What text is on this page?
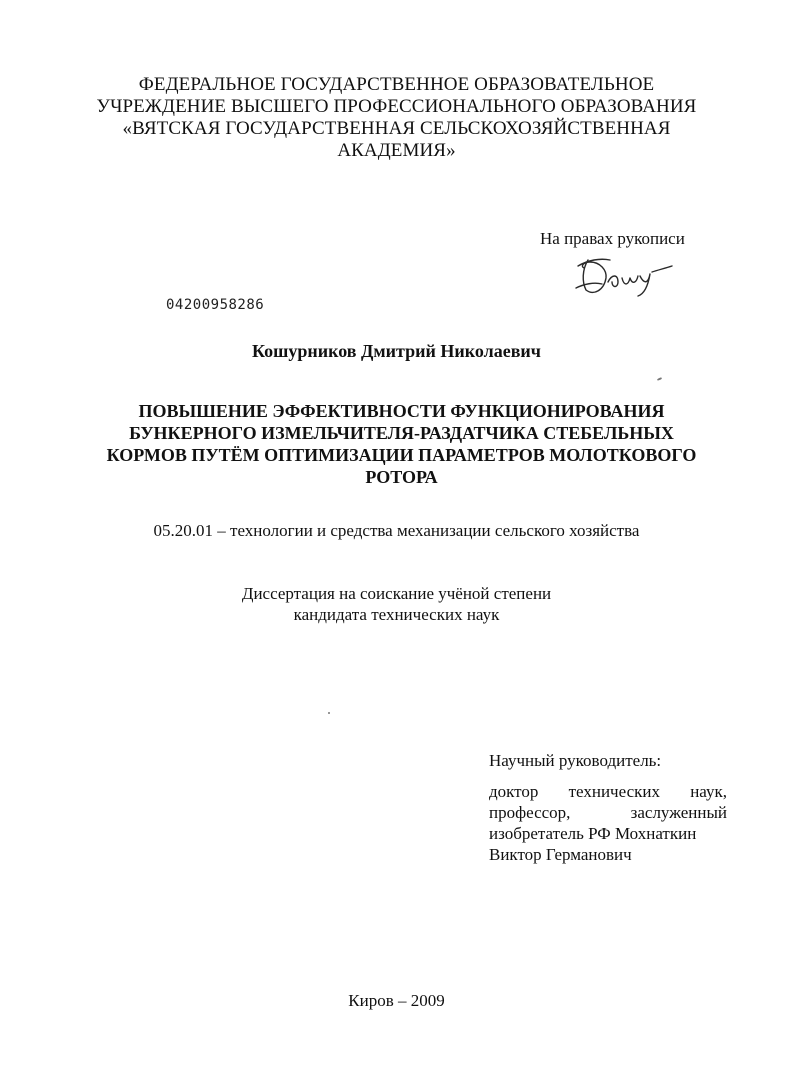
ФЕДЕРАЛЬНОЕ ГОСУДАРСТВЕННОЕ ОБРАЗОВАТЕЛЬНОЕ
УЧРЕЖДЕНИЕ ВЫСШЕГО ПРОФЕССИОНАЛЬНОГО ОБРАЗОВАНИЯ
«ВЯТСКАЯ ГОСУДАРСТВЕННАЯ СЕЛЬСКОХОЗЯЙСТВЕННАЯ
АКАДЕМИЯ»
На правах рукописи
04200958286
Кошурников Дмитрий Николаевич
ПОВЫШЕНИЕ ЭФФЕКТИВНОСТИ ФУНКЦИОНИРОВАНИЯ
БУНКЕРНОГО ИЗМЕЛЬЧИТЕЛЯ-РАЗДАТЧИКА СТЕБЕЛЬНЫХ
КОРМОВ ПУТЁМ ОПТИМИЗАЦИИ ПАРАМЕТРОВ МОЛОТКОВОГО
РОТОРА
05.20.01 – технологии и средства механизации сельского хозяйства
Диссертация на соискание учёной степени
кандидата технических наук
Научный руководитель:
доктор технических наук,
профессор,	заслуженный
изобретатель РФ Мохнаткин
Виктор Германович
Киров – 2009
